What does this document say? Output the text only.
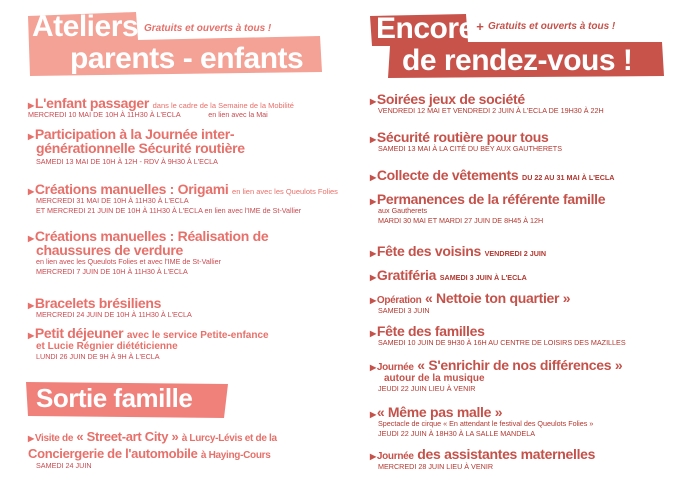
Ateliers
parents - enfants
Gratuits et ouverts à tous !
▶L'enfant passager dans le cadre de la Semaine de la Mobilité
MERCREDI 10 MAI DE 10H À 11H30 À L'ECLA	en lien avec la Mai
▶Participation à la Journée inter-
générationnelle Sécurité routière
SAMEDI 13 MAI DE 10H À 12H - RDV À 9H30 À L'ECLA
▶Créations manuelles : Origami en lien avec les Queulots Folies
MERCREDI 31 MAI DE 10H À 11H30 À L'ECLA
ET MERCREDI 21 JUIN DE 10H À 11H30 À L'ECLA en lien avec l'IME de St-Vallier
▶Créations manuelles : Réalisation de
chaussures de verdure
en lien avec les Queulots Folies et avec l'IME de St-Vallier
MERCREDI 7 JUIN DE 10H À 11H30 À L'ECLA
▶Bracelets brésiliens
MERCREDI 24 JUIN DE 10H À 11H30 À L'ECLA
▶Petit déjeuner avec le service Petite-enfance
et Lucie Régnier diététicienne
LUNDI 26 JUIN DE 9H À 9H À L'ECLA
Sortie famille
▶Visite de « Street-art City » à Lurcy-Lévis et de la
Conciergerie de l'automobile à Haying-Cours
SAMEDI 24 JUIN
Encore
de rendez-vous !
+ Gratuits et ouverts à tous !
▶Soirées jeux de société
VENDREDI 12 MAI ET VENDREDI 2 JUIN À L'ECLA DE 19H30 À 22H
▶Sécurité routière pour tous
SAMEDI 13 MAI À LA CITÉ DU BEY AUX GAUTHERETS
▶Collecte de vêtements DU 22 AU 31 MAI À L'ECLA
▶Permanences de la référente famille
aux Gautherets
MARDI 30 MAI ET MARDI 27 JUIN DE 8H45 À 12H
▶Fête des voisins VENDREDI 2 JUIN
▶Gratiféria SAMEDI 3 JUIN À L'ECLA
▶Opération « Nettoie ton quartier »
SAMEDI 3 JUIN
▶Fête des familles
SAMEDI 10 JUIN DE 9H30 À 16H AU CENTRE DE LOISIRS DES MAZILLES
▶Journée « S'enrichir de nos différences »
autour de la musique
JEUDI 22 JUIN LIEU À VENIR
▶« Même pas malle »
Spectacle de cirque « En attendant le festival des Queulots Folies »
JEUDI 22 JUIN À 18H30 À LA SALLE MANDELA
▶Journée des assistantes maternelles
MERCREDI 28 JUIN LIEU À VENIR
